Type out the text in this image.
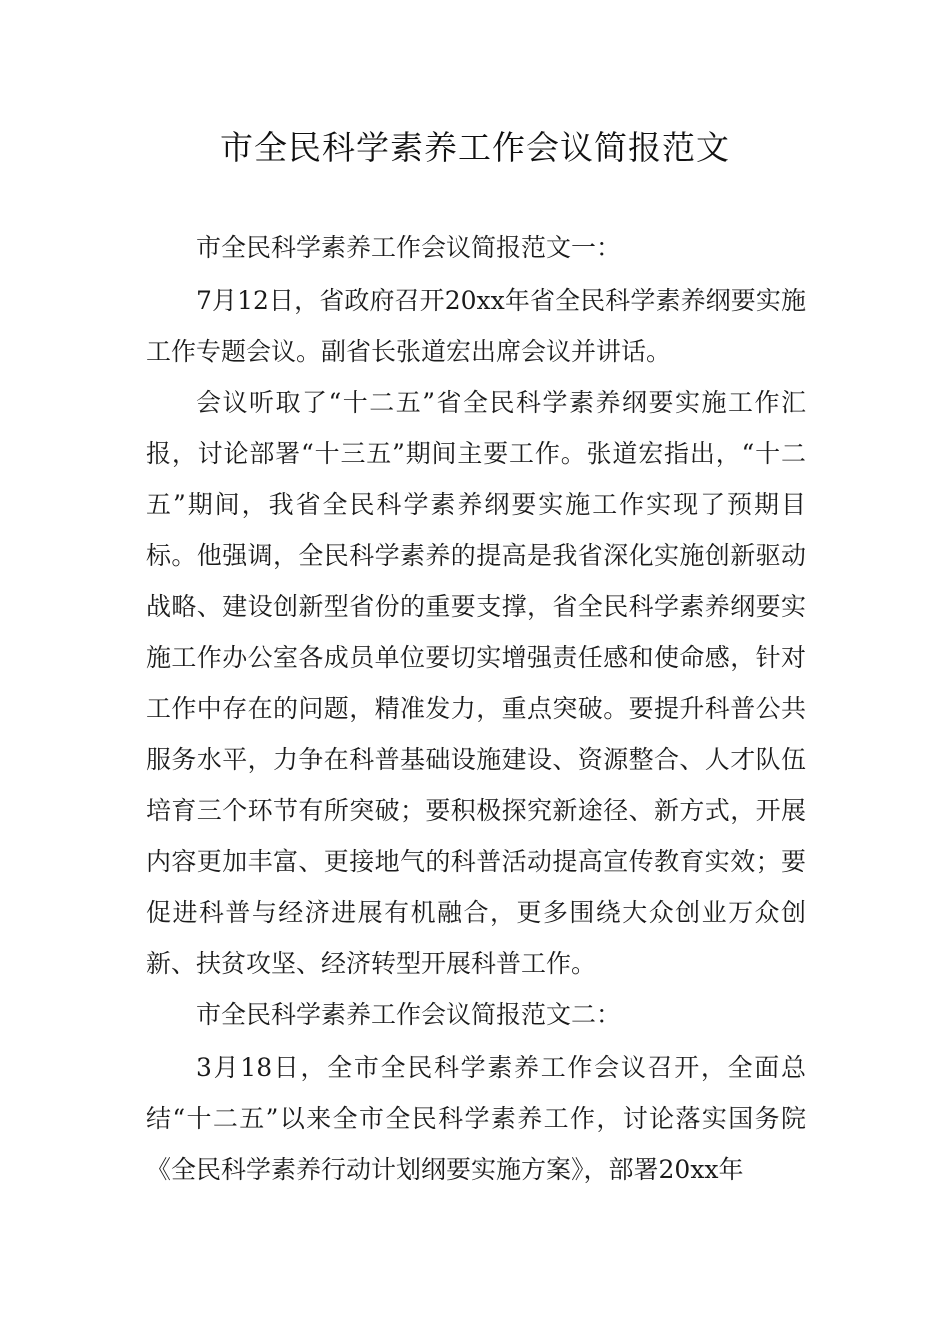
市全民科学素养工作会议简报范文

市全民科学素养工作会议简报范文一：

7月12日，省政府召开20xx年省全民科学素养纲要实施工作专题会议。副省长张道宏出席会议并讲话。

会议听取了“十二五”省全民科学素养纲要实施工作汇报，讨论部署“十三五”期间主要工作。张道宏指出，“十二五”期间，我省全民科学素养纲要实施工作实现了预期目标。他强调，全民科学素养的提高是我省深化实施创新驱动战略、建设创新型省份的重要支撑，省全民科学素养纲要实施工作办公室各成员单位要切实增强责任感和使命感，针对工作中存在的问题，精准发力，重点突破。要提升科普公共服务水平，力争在科普基础设施建设、资源整合、人才队伍培育三个环节有所突破；要积极探究新途径、新方式，开展内容更加丰富、更接地气的科普活动提高宣传教育实效；要促进科普与经济进展有机融合，更多围绕大众创业万众创新、扶贫攻坚、经济转型开展科普工作。

市全民科学素养工作会议简报范文二：

3月18日，全市全民科学素养工作会议召开，全面总结“十二五”以来全市全民科学素养工作，讨论落实国务院《全民科学素养行动计划纲要实施方案》，部署20xx年
